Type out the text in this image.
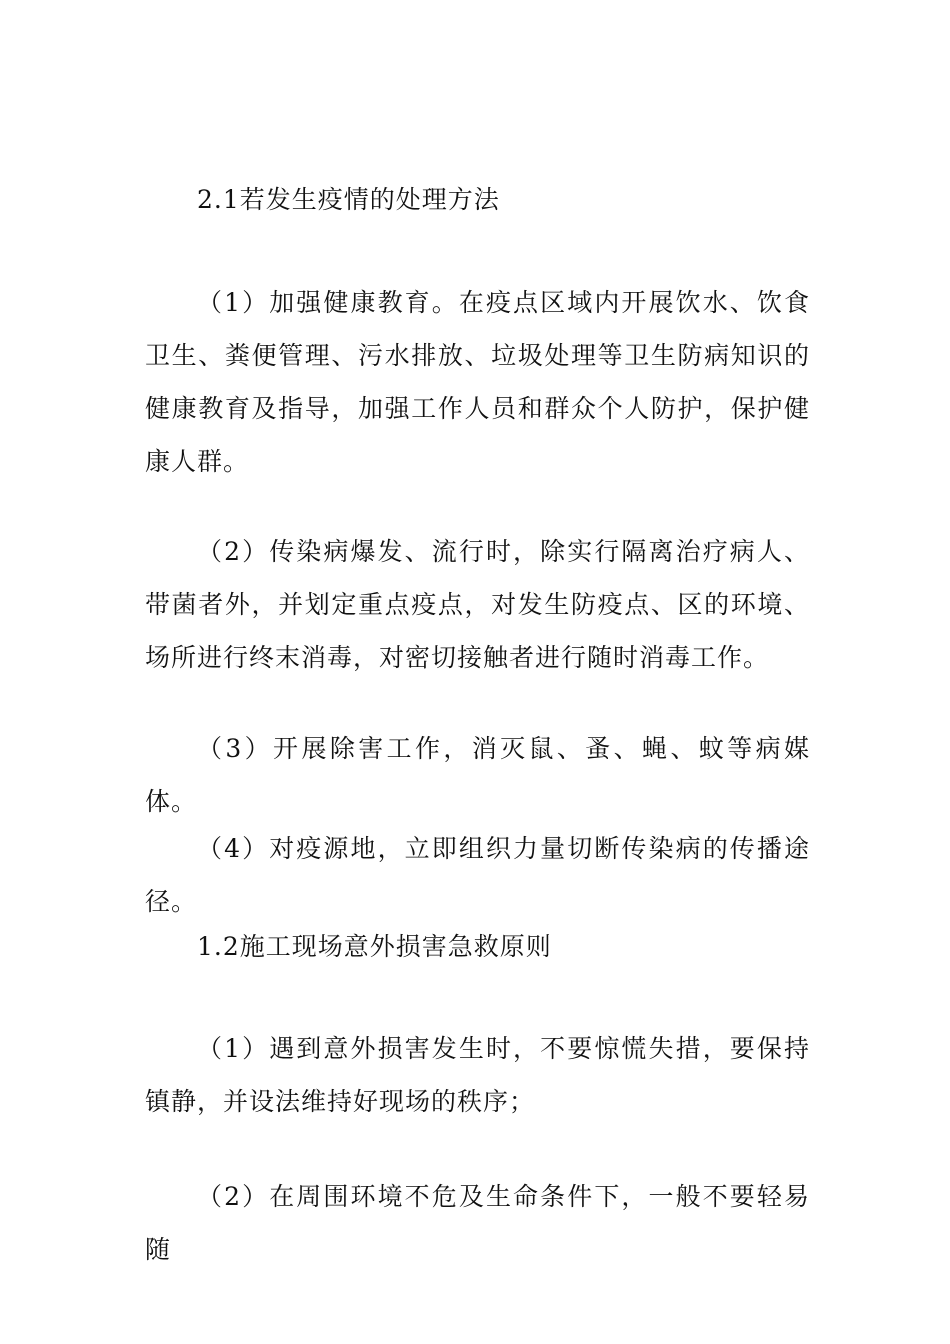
2.1若发生疫情的处理方法

（1）加强健康教育。在疫点区域内开展饮水、饮食卫生、粪便管理、污水排放、垃圾处理等卫生防病知识的健康教育及指导，加强工作人员和群众个人防护，保护健康人群。

（2）传染病爆发、流行时，除实行隔离治疗病人、带菌者外，并划定重点疫点，对发生防疫点、区的环境、场所进行终末消毒，对密切接触者进行随时消毒工作。

（3）开展除害工作，消灭鼠、蚤、蝇、蚊等病媒体。

（4）对疫源地，立即组织力量切断传染病的传播途径。

1.2施工现场意外损害急救原则

（1）遇到意外损害发生时，不要惊慌失措，要保持镇静，并设法维持好现场的秩序；

（2）在周围环境不危及生命条件下，一般不要轻易随
